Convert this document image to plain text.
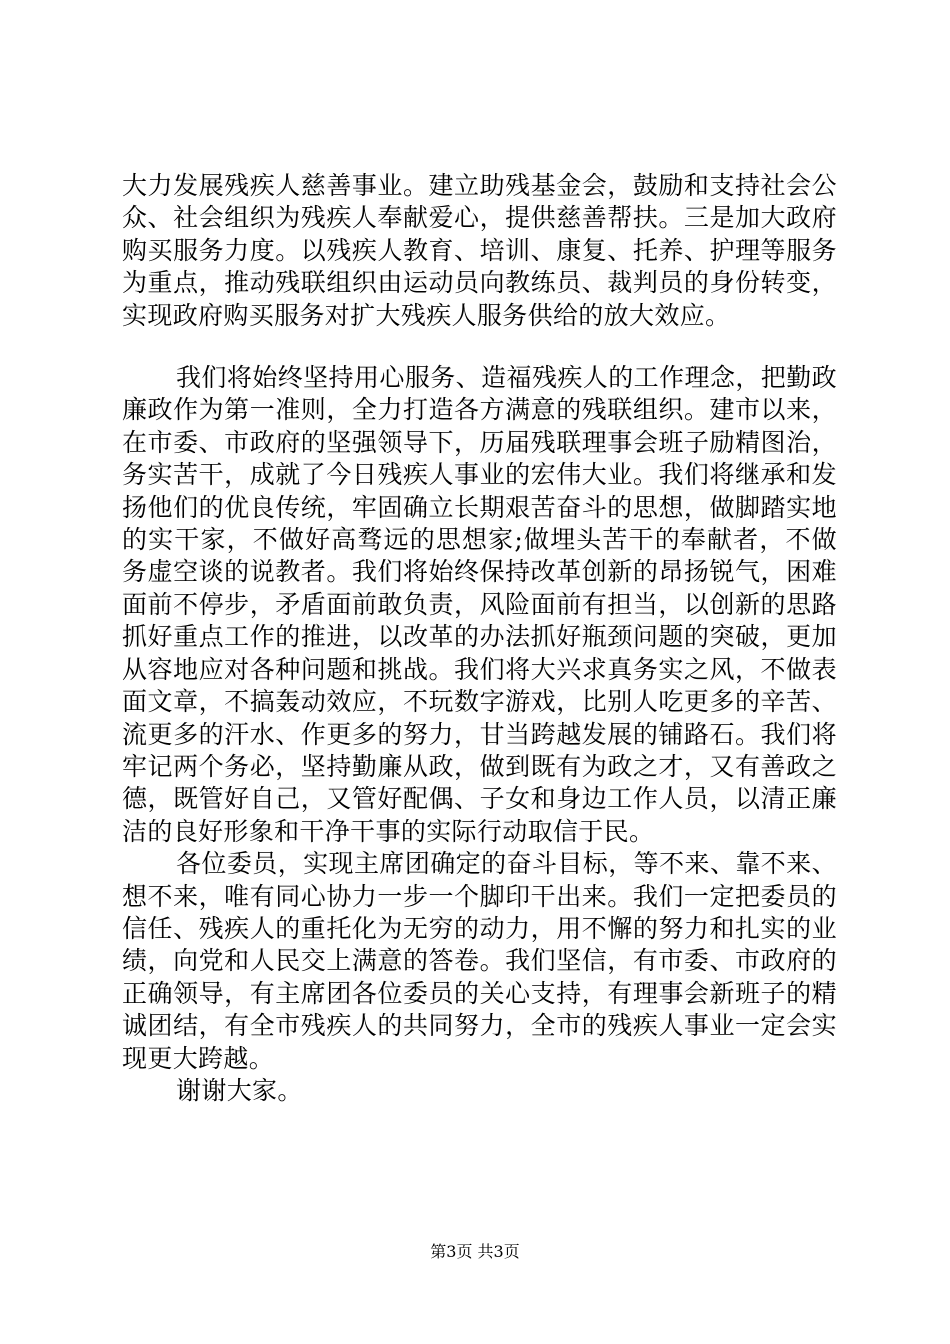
大力发展残疾人慈善事业。建立助残基金会，鼓励和支持社会公众、社会组织为残疾人奉献爱心，提供慈善帮扶。三是加大政府购买服务力度。以残疾人教育、培训、康复、托养、护理等服务为重点，推动残联组织由运动员向教练员、裁判员的身份转变，实现政府购买服务对扩大残疾人服务供给的放大效应。

我们将始终坚持用心服务、造福残疾人的工作理念，把勤政廉政作为第一准则，全力打造各方满意的残联组织。建市以来，在市委、市政府的坚强领导下，历届残联理事会班子励精图治，务实苦干，成就了今日残疾人事业的宏伟大业。我们将继承和发扬他们的优良传统，牢固确立长期艰苦奋斗的思想，做脚踏实地的实干家，不做好高骛远的思想家;做埋头苦干的奉献者，不做务虚空谈的说教者。我们将始终保持改革创新的昂扬锐气，困难面前不停步，矛盾面前敢负责，风险面前有担当，以创新的思路抓好重点工作的推进，以改革的办法抓好瓶颈问题的突破，更加从容地应对各种问题和挑战。我们将大兴求真务实之风，不做表面文章，不搞轰动效应，不玩数字游戏，比别人吃更多的辛苦、流更多的汗水、作更多的努力，甘当跨越发展的铺路石。我们将牢记两个务必，坚持勤廉从政，做到既有为政之才，又有善政之德，既管好自己，又管好配偶、子女和身边工作人员，以清正廉洁的良好形象和干净干事的实际行动取信于民。

各位委员，实现主席团确定的奋斗目标，等不来、靠不来、想不来，唯有同心协力一步一个脚印干出来。我们一定把委员的信任、残疾人的重托化为无穷的动力，用不懈的努力和扎实的业绩，向党和人民交上满意的答卷。我们坚信，有市委、市政府的正确领导，有主席团各位委员的关心支持，有理事会新班子的精诚团结，有全市残疾人的共同努力，全市的残疾人事业一定会实现更大跨越。

谢谢大家。

第3页 共3页
